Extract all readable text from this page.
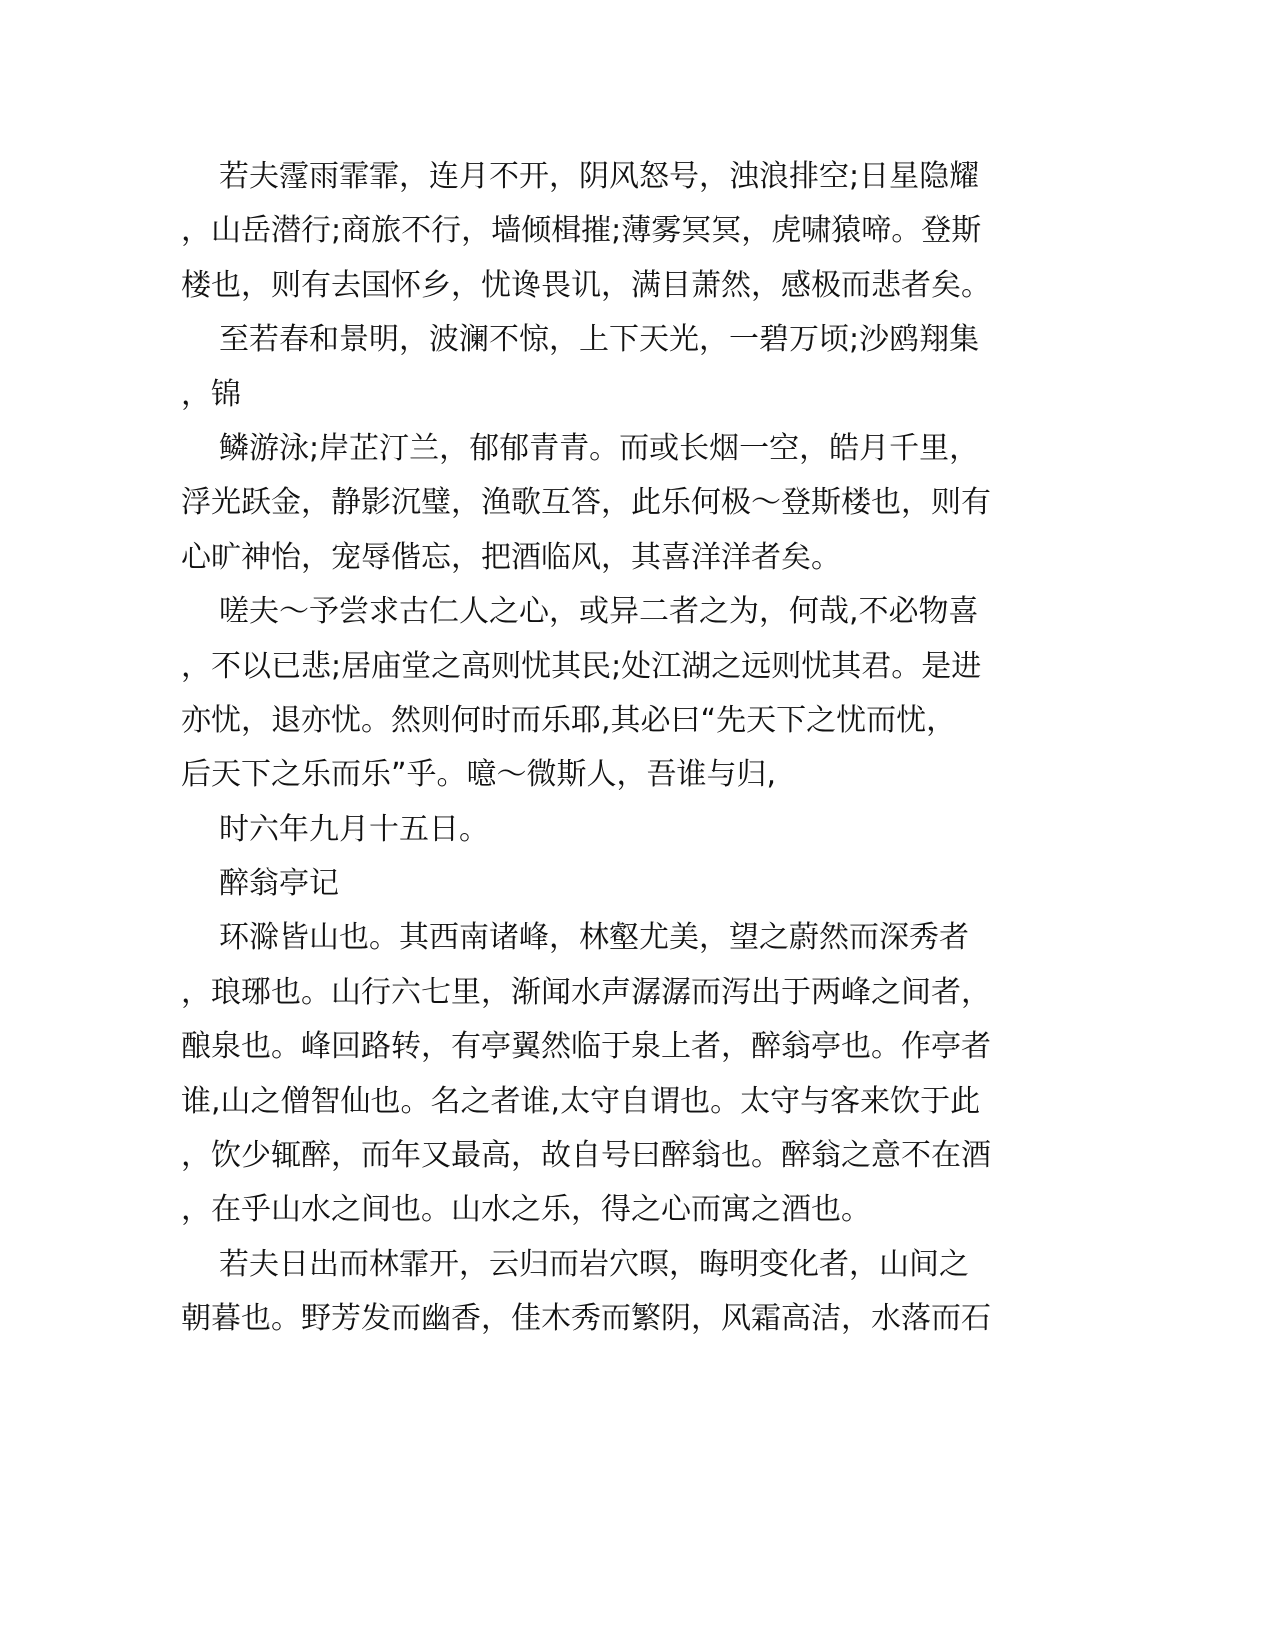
若夫霪雨霏霏，连月不开，阴风怒号，浊浪排空;日星隐耀
，山岳潜行;商旅不行，墙倾楫摧;薄雾冥冥，虎啸猿啼。登斯
楼也，则有去国怀乡，忧谗畏讥，满目萧然，感极而悲者矣。
至若春和景明，波澜不惊，上下天光，一碧万顷;沙鸥翔集
，锦
鳞游泳;岸芷汀兰，郁郁青青。而或长烟一空，皓月千里，
浮光跃金，静影沉璧，渔歌互答，此乐何极～登斯楼也，则有
心旷神怡，宠辱偕忘，把酒临风，其喜洋洋者矣。
嗟夫～予尝求古仁人之心，或异二者之为，何哉,不必物喜
，不以已悲;居庙堂之高则忧其民;处江湖之远则忧其君。是进
亦忧，退亦忧。然则何时而乐耶,其必曰“先天下之忧而忧，
后天下之乐而乐”乎。噫～微斯人，吾谁与归,
时六年九月十五日。
醉翁亭记
环滁皆山也。其西南诸峰，林壑尤美，望之蔚然而深秀者
，琅琊也。山行六七里，渐闻水声潺潺而泻出于两峰之间者，
酿泉也。峰回路转，有亭翼然临于泉上者，醉翁亭也。作亭者
谁,山之僧智仙也。名之者谁,太守自谓也。太守与客来饮于此
，饮少辄醉，而年又最高，故自号曰醉翁也。醉翁之意不在酒
，在乎山水之间也。山水之乐，得之心而寓之酒也。
若夫日出而林霏开，云归而岩穴暝，晦明变化者，山间之
朝暮也。野芳发而幽香，佳木秀而繁阴，风霜高洁，水落而石
